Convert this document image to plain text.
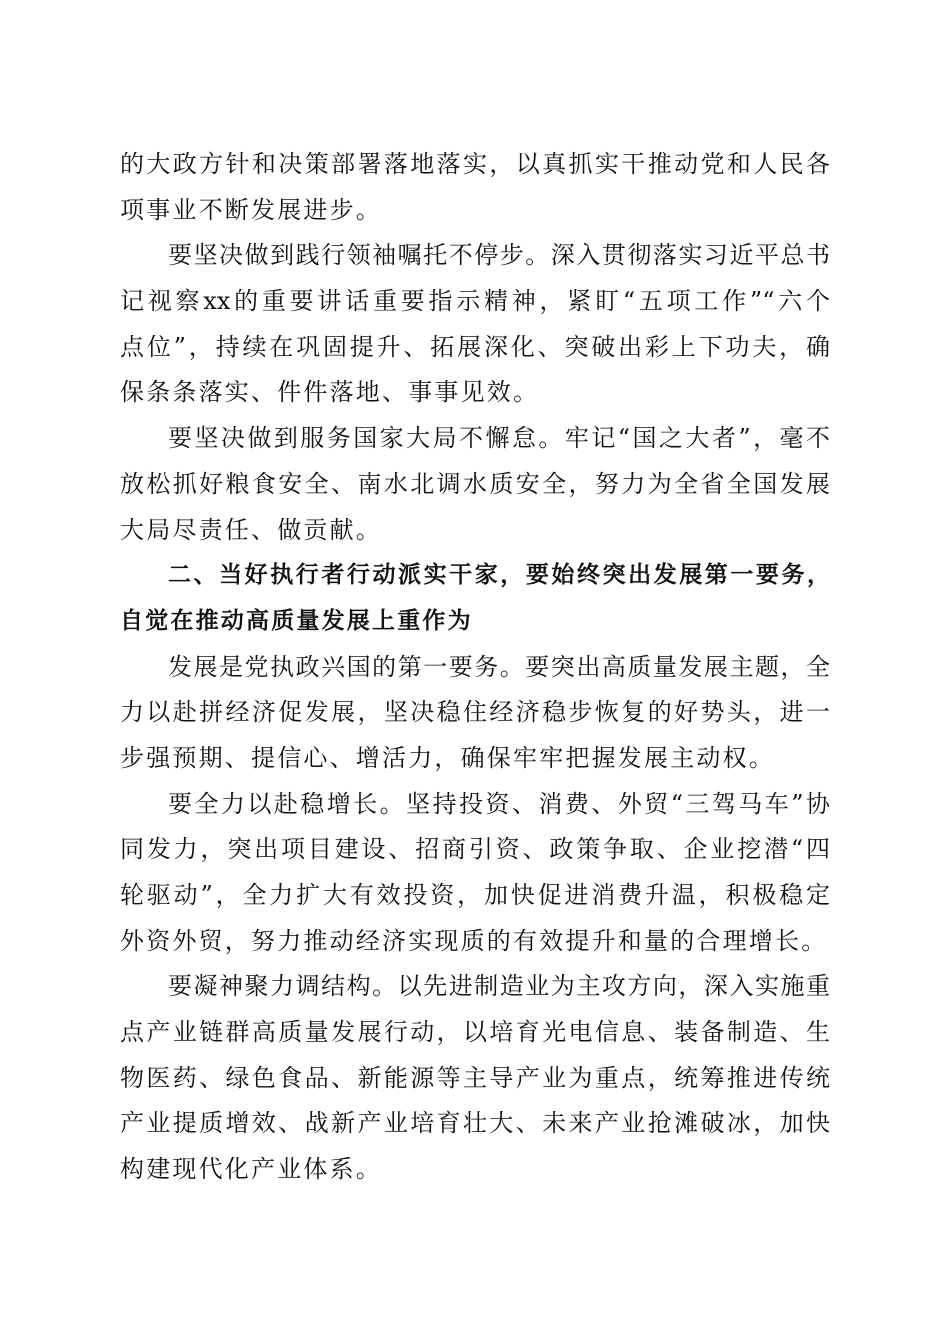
的大政方针和决策部署落地落实，以真抓实干推动党和人民各
项事业不断发展进步。
要坚决做到践行领袖嘱托不停步。深入贯彻落实习近平总书
记视察xx的重要讲话重要指示精神，紧盯“五项工作”“六个
点位”，持续在巩固提升、拓展深化、突破出彩上下功夫，确
保条条落实、件件落地、事事见效。
要坚决做到服务国家大局不懈怠。牢记“国之大者”，毫不
放松抓好粮食安全、南水北调水质安全，努力为全省全国发展
大局尽责任、做贡献。
二、当好执行者行动派实干家，要始终突出发展第一要务，
自觉在推动高质量发展上重作为
发展是党执政兴国的第一要务。要突出高质量发展主题，全
力以赴拼经济促发展，坚决稳住经济稳步恢复的好势头，进一
步强预期、提信心、增活力，确保牢牢把握发展主动权。
要全力以赴稳增长。坚持投资、消费、外贸“三驾马车”协
同发力，突出项目建设、招商引资、政策争取、企业挖潜“四
轮驱动”，全力扩大有效投资，加快促进消费升温，积极稳定
外资外贸，努力推动经济实现质的有效提升和量的合理增长。
要凝神聚力调结构。以先进制造业为主攻方向，深入实施重
点产业链群高质量发展行动，以培育光电信息、装备制造、生
物医药、绿色食品、新能源等主导产业为重点，统筹推进传统
产业提质增效、战新产业培育壮大、未来产业抢滩破冰，加快
构建现代化产业体系。
